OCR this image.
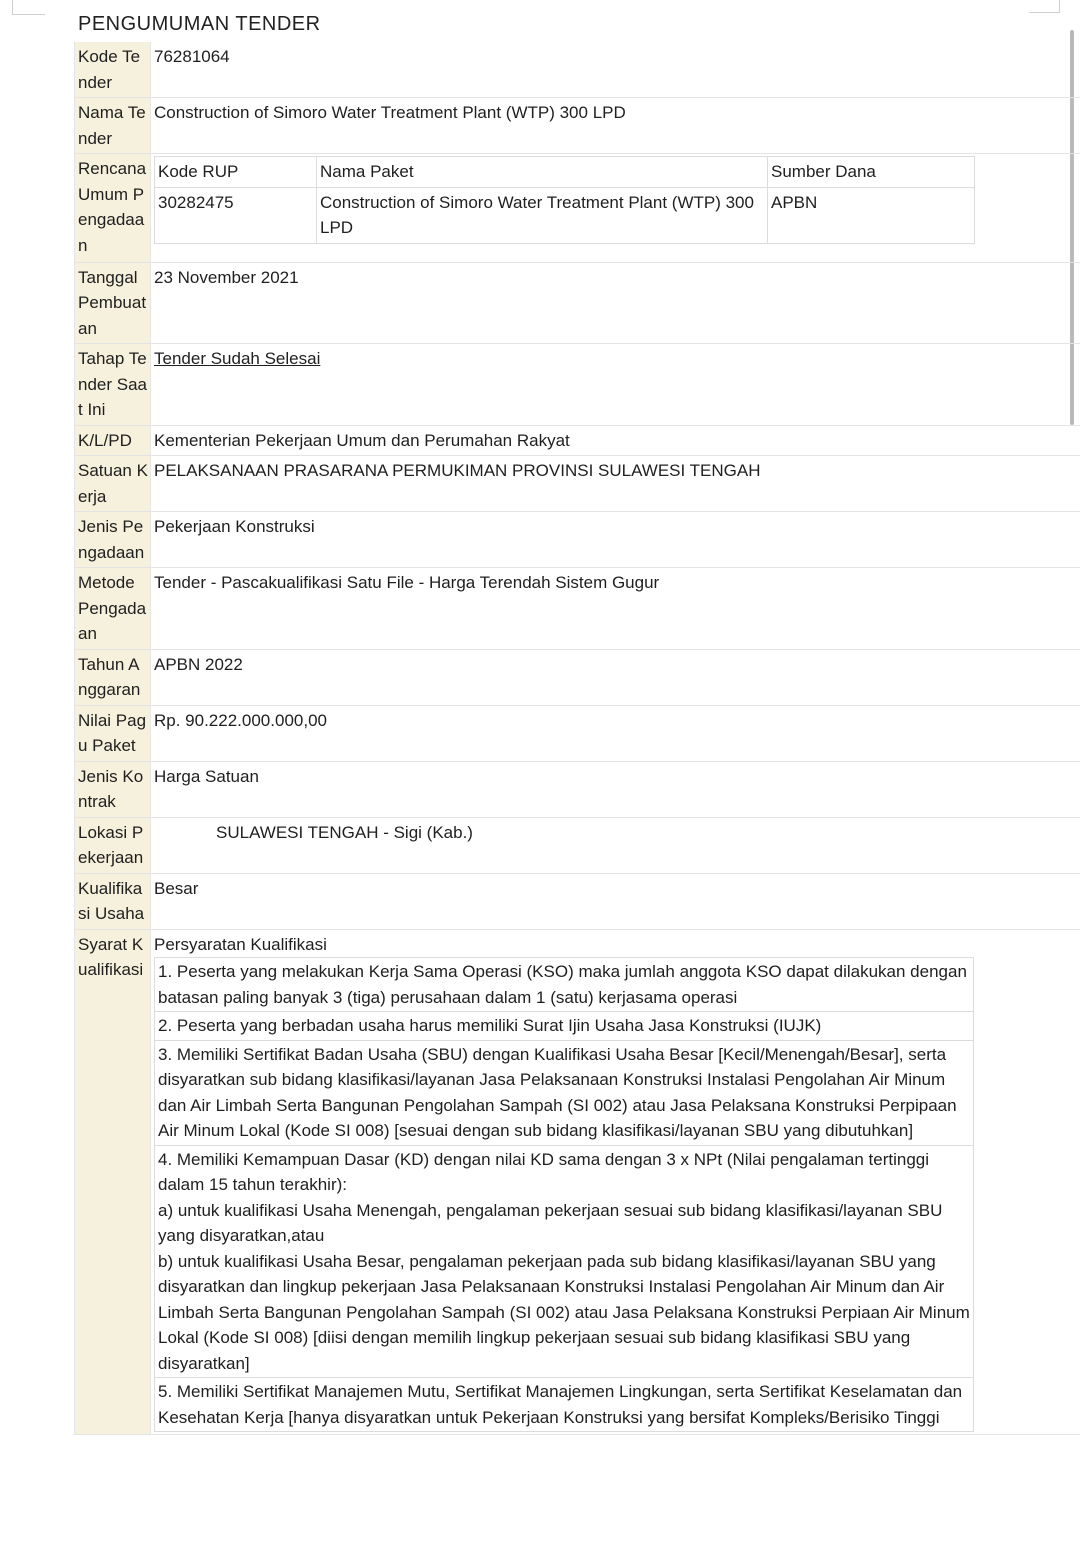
PENGUMUMAN TENDER
Kode Tender	76281064
Nama Tender	Construction of Simoro Water Treatment Plant (WTP) 300 LPD
Rencana Umum Pengadaan	
Kode RUP	Nama Paket	Sumber Dana
30282475	Construction of Simoro Water Treatment Plant (WTP) 300 LPD	APBN

Tanggal Pembuatan	23 November 2021
Tahap Tender Saat Ini	Tender Sudah Selesai
K/L/PD	Kementerian Pekerjaan Umum dan Perumahan Rakyat
Satuan Kerja	PELAKSANAAN PRASARANA PERMUKIMAN PROVINSI SULAWESI TENGAH
Jenis Pengadaan	Pekerjaan Konstruksi
Metode Pengadaan	Tender - Pascakualifikasi Satu File - Harga Terendah Sistem Gugur
Tahun Anggaran	APBN 2022
Nilai Pagu Paket	Rp. 90.222.000.000,00
Jenis Kontrak	Harga Satuan
Lokasi Pekerjaan	SULAWESI TENGAH - Sigi (Kab.)
Kualifikasi Usaha	Besar
Syarat Kualifikasi	
Persyaratan Kualifikasi
1. Peserta yang melakukan Kerja Sama Operasi (KSO) maka jumlah anggota KSO dapat dilakukan dengan batasan paling banyak 3 (tiga) perusahaan dalam 1 (satu) kerjasama operasi
2. Peserta yang berbadan usaha harus memiliki Surat Ijin Usaha Jasa Konstruksi (IUJK)
3. Memiliki Sertifikat Badan Usaha (SBU) dengan Kualifikasi Usaha Besar [Kecil/Menengah/Besar], serta disyaratkan sub bidang klasifikasi/layanan Jasa Pelaksanaan Konstruksi Instalasi Pengolahan Air Minum dan Air Limbah Serta Bangunan Pengolahan Sampah (SI 002) atau Jasa Pelaksana Konstruksi Perpipaan Air Minum Lokal (Kode SI 008) [sesuai dengan sub bidang klasifikasi/layanan SBU yang dibutuhkan]

4. Memiliki Kemampuan Dasar (KD) dengan nilai KD sama dengan 3 x NPt (Nilai pengalaman tertinggi dalam 15 tahun terakhir):
a) untuk kualifikasi Usaha Menengah, pengalaman pekerjaan sesuai sub bidang klasifikasi/layanan SBU yang disyaratkan,atau
b) untuk kualifikasi Usaha Besar, pengalaman pekerjaan pada sub bidang klasifikasi/layanan SBU yang disyaratkan dan lingkup pekerjaan Jasa Pelaksanaan Konstruksi Instalasi Pengolahan Air Minum dan Air Limbah Serta Bangunan Pengolahan Sampah (SI 002) atau Jasa Pelaksana Konstruksi Perpiaan Air Minum Lokal (Kode SI 008) [diisi dengan memilih lingkup pekerjaan sesuai sub bidang klasifikasi SBU yang disyaratkan]

5. Memiliki Sertifikat Manajemen Mutu, Sertifikat Manajemen Lingkungan, serta Sertifikat Keselamatan dan Kesehatan Kerja [hanya disyaratkan untuk Pekerjaan Konstruksi yang bersifat Kompleks/Berisiko Tinggi
